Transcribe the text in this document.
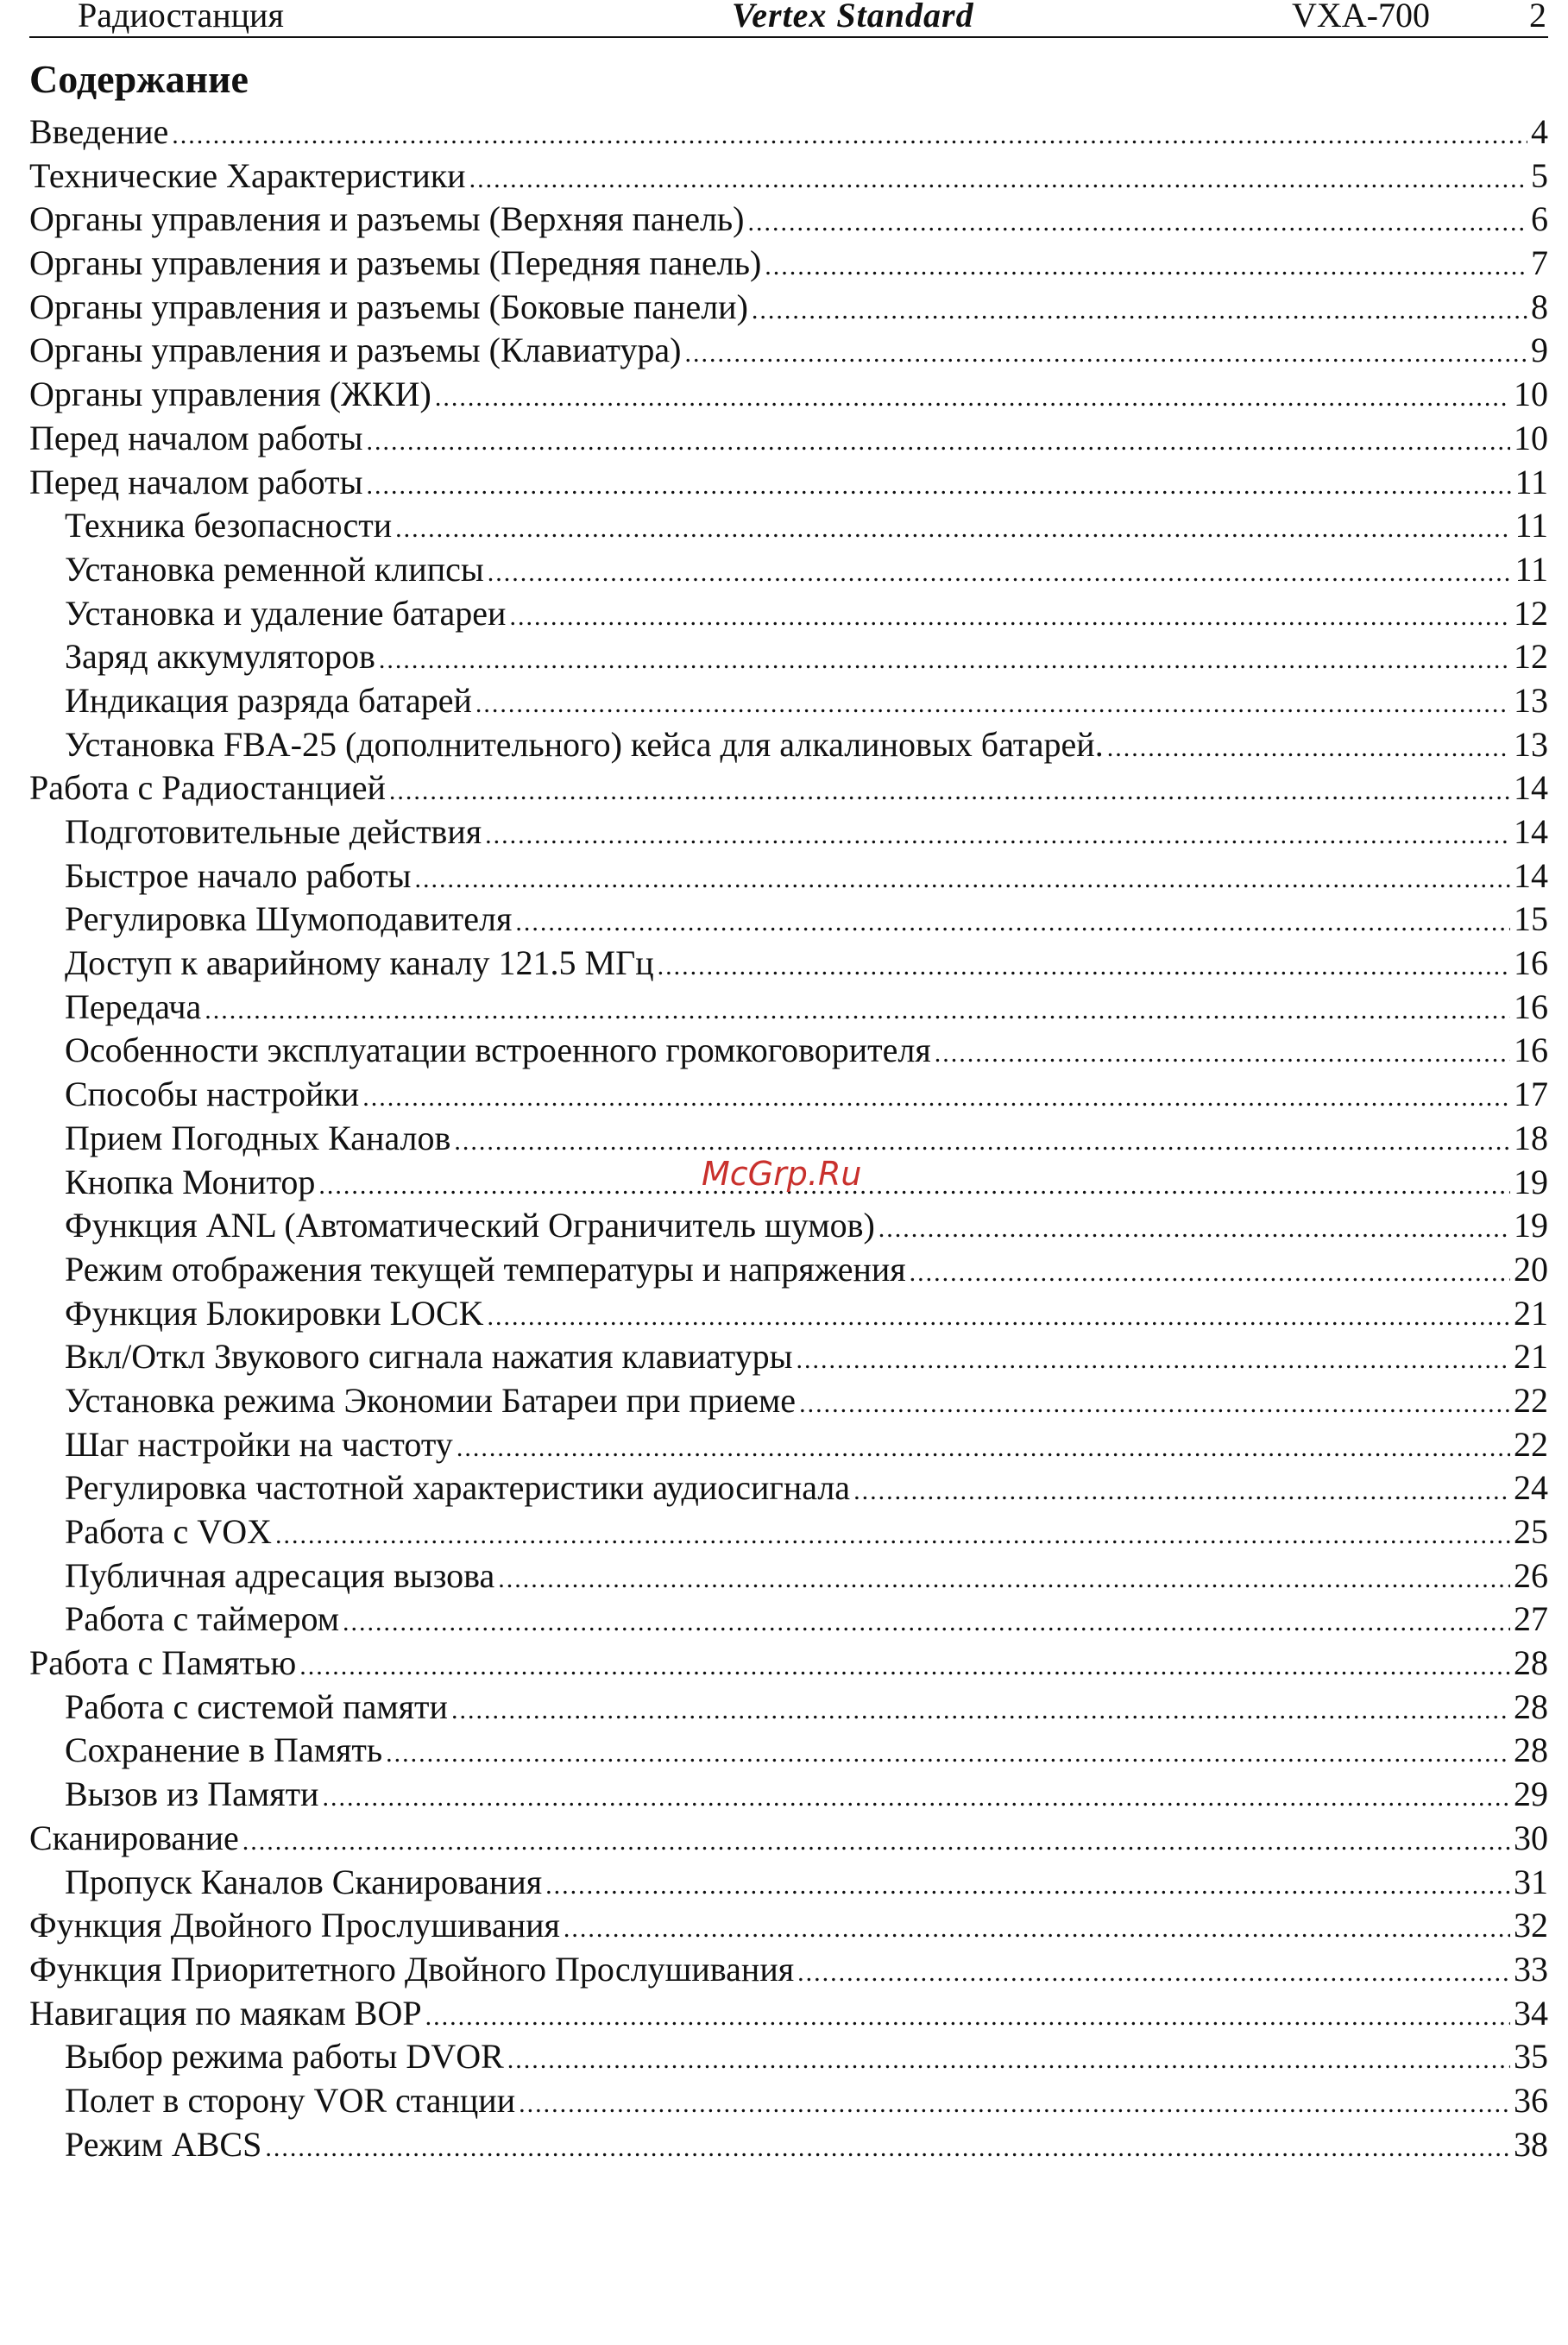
Радиостанция	Vertex Standard	VXA-700	2
Содержание
Введение .....	4
Технические Характеристики .....	5
Органы управления и разъемы (Верхняя панель) .....	6
Органы управления и разъемы (Передняя панель) .....	7
Органы управления и разъемы (Боковые панели) .....	8
Органы управления и разъемы (Клавиатура) .....	9
Органы управления (ЖКИ) .....	10
Перед началом работы .....	10
Перед началом работы .....	11
Техника безопасности .....	11
Установка ременной клипсы .....	11
Установка и удаление батареи .....	12
Заряд аккумуляторов .....	12
Индикация разряда батарей .....	13
Установка FBA-25 (дополнительного) кейса для алкалиновых батарей. .....	13
Работа с Радиостанцией .....	14
Подготовительные действия .....	14
Быстрое начало работы .....	14
Регулировка Шумоподавителя .....	15
Доступ к аварийному каналу 121.5 МГц .....	16
Передача .....	16
Особенности эксплуатации встроенного громкоговорителя .....	16
Способы настройки .....	17
Прием Погодных Каналов .....	18
Кнопка Монитор .....	19
Функция ANL (Автоматический Ограничитель шумов) .....	19
Режим отображения текущей температуры и напряжения .....	20
Функция Блокировки LOCK .....	21
Вкл/Откл Звукового сигнала нажатия клавиатуры .....	21
Установка режима Экономии Батареи при приеме .....	22
Шаг настройки на частоту .....	22
Регулировка частотной характеристики аудиосигнала .....	24
Работа с VOX .....	25
Публичная адресация вызова .....	26
Работа с таймером .....	27
Работа с Памятью .....	28
Работа с системой памяти .....	28
Сохранение в Память .....	28
Вызов из Памяти .....	29
Сканирование .....	30
Пропуск Каналов Сканирования .....	31
Функция Двойного Прослушивания .....	32
Функция Приоритетного Двойного Прослушивания .....	33
Навигация по маякам ВОР .....	34
Выбор режима работы DVOR .....	35
Полет в сторону VOR станции .....	36
Режим ABCS .....	38
McGrp.Ru
